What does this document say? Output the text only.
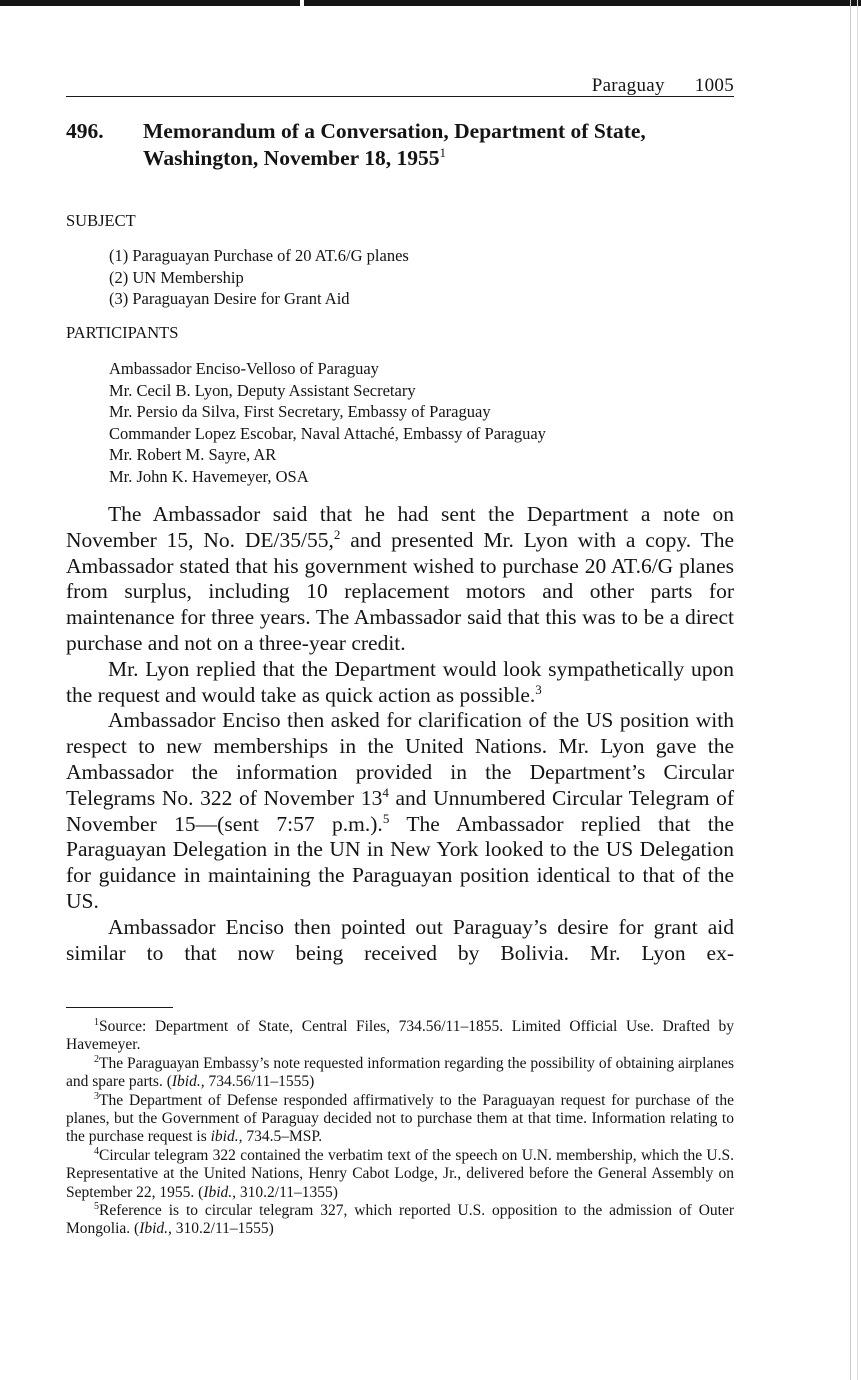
Paraguay 1005
496. Memorandum of a Conversation, Department of State,
Washington, November 18, 1955$^1$
SUBJECT
(1) Paraguayan Purchase of 20 AT.6/G planes
(2) UN Membership
(3) Paraguayan Desire for Grant Aid
PARTICIPANTS
Ambassador Enciso-Velloso of Paraguay
Mr. Cecil B. Lyon, Deputy Assistant Secretary
Mr. Persio da Silva, First Secretary, Embassy of Paraguay
Commander Lopez Escobar, Naval Attaché, Embassy of Paraguay
Mr. Robert M. Sayre, AR
Mr. John K. Havemeyer, OSA

The Ambassador said that he had sent the Department a note on November 15, No. DE/35/55,$^2$ and presented Mr. Lyon with a copy. The Ambassador stated that his government wished to purchase 20 AT.6/G planes from surplus, including 10 replacement motors and other parts for maintenance for three years. The Ambassador said that this was to be a direct purchase and not on a three-year credit.

Mr. Lyon replied that the Department would look sympathetically upon the request and would take as quick action as possible.$^3$

Ambassador Enciso then asked for clarification of the US position with respect to new memberships in the United Nations. Mr. Lyon gave the Ambassador the information provided in the Department’s Circular Telegrams No. 322 of November $13^4$ and Unnumbered Circular Telegram of November 15—(sent 7:57 p.m.).$^5$ The Ambassador replied that the Paraguayan Delegation in the UN in New York looked to the US Delegation for guidance in maintaining the Paraguayan position identical to that of the US.

Ambassador Enciso then pointed out Paraguay’s desire for grant aid similar to that now being received by Bolivia. Mr. Lyon ex-

$^1$Source: Department of State, Central Files, 734.56/11–1855. Limited Official Use. Drafted by Havemeyer.

$^2$The Paraguayan Embassy’s note requested information regarding the possibility of obtaining airplanes and spare parts. (Ibid., 734.56/11–1555)

$^3$The Department of Defense responded affirmatively to the Paraguayan request for purchase of the planes, but the Government of Paraguay decided not to purchase them at that time. Information relating to the purchase request is ibid., 734.5–MSP.

$^4$Circular telegram 322 contained the verbatim text of the speech on U.N. membership, which the U.S. Representative at the United Nations, Henry Cabot Lodge, Jr., delivered before the General Assembly on September 22, 1955. (Ibid., 310.2/11–1355)

$^5$Reference is to circular telegram 327, which reported U.S. opposition to the admission of Outer Mongolia. (Ibid., 310.2/11–1555)
